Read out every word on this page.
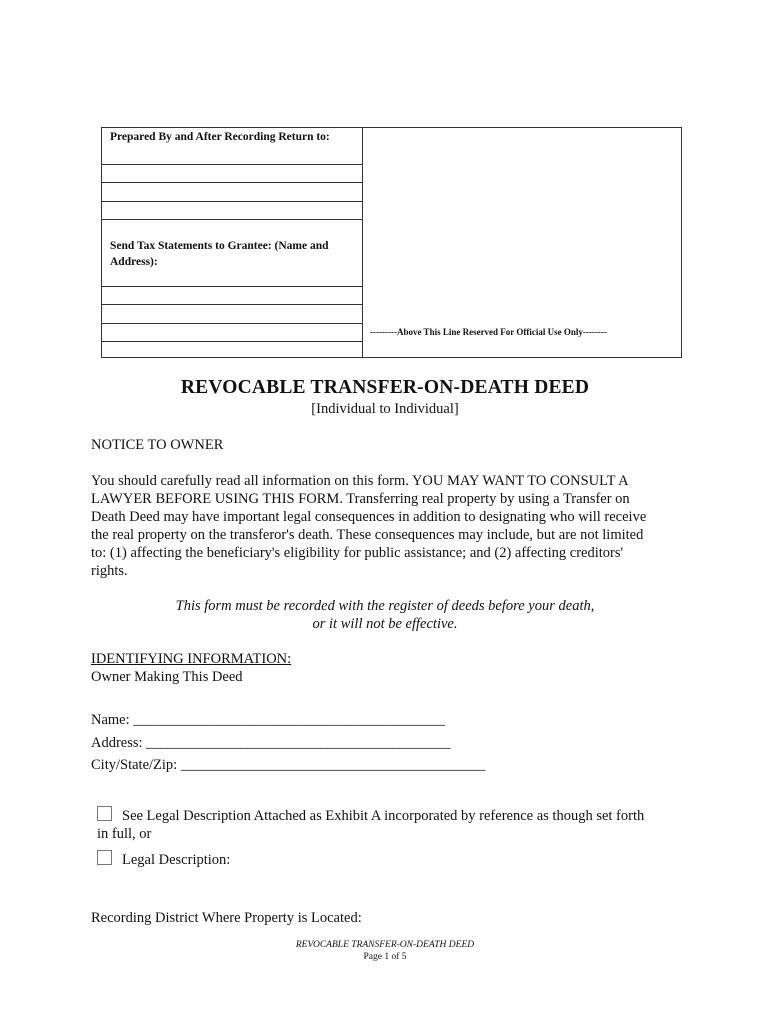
Prepared By and After Recording Return to:
Send Tax Statements to Grantee: (Name and
Address):
---------Above This Line Reserved For Official Use Only--------
REVOCABLE TRANSFER-ON-DEATH DEED
[Individual to Individual]
NOTICE TO OWNER
You should carefully read all information on this form. YOU MAY WANT TO CONSULT A
LAWYER BEFORE USING THIS FORM. Transferring real property by using a Transfer on
Death Deed may have important legal consequences in addition to designating who will receive
the real property on the transferor's death. These consequences may include, but are not limited
to: (1) affecting the beneficiary's eligibility for public assistance; and (2) affecting creditors'
rights.
This form must be recorded with the register of deeds before your death,
or it will not be effective.
IDENTIFYING INFORMATION:
Owner Making This Deed
Name: ___________________________________________
Address: __________________________________________
City/State/Zip: __________________________________________
See Legal Description Attached as Exhibit A incorporated by reference as though set forth
in full, or
Legal Description:
Recording District Where Property is Located:
REVOCABLE TRANSFER-ON-DEATH DEED
Page 1 of 5
